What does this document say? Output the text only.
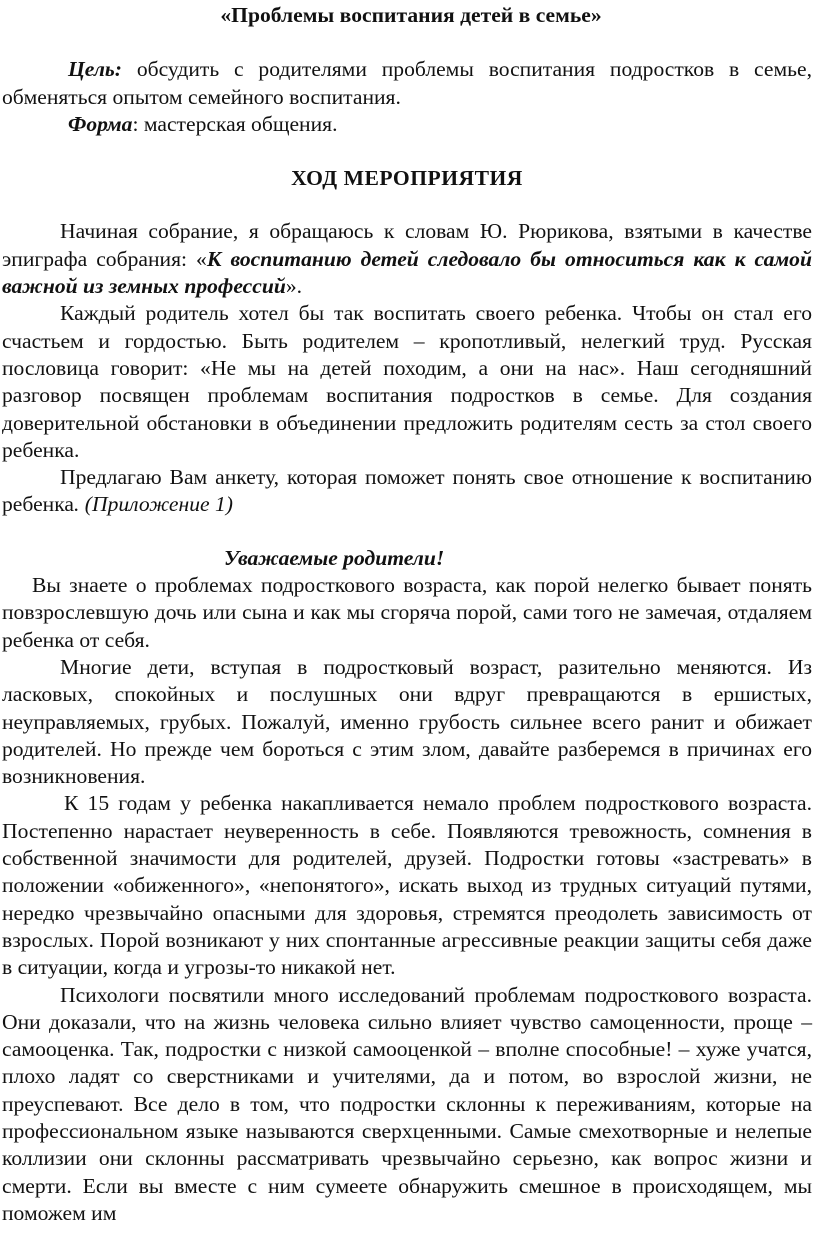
«Проблемы воспитания детей в семье»

Цель: обсудить с родителями проблемы воспитания подростков в семье, обменяться опытом семейного воспитания.

Форма: мастерская общения.

ХОД МЕРОПРИЯТИЯ

Начиная собрание, я обращаюсь к словам Ю. Рюрикова, взятыми в качестве эпиграфа собрания: «К воспитанию детей следовало бы относиться как к самой важной из земных профессий».

Каждый родитель хотел бы так воспитать своего ребенка. Чтобы он стал его счастьем и гордостью. Быть родителем – кропотливый, нелегкий труд. Русская пословица говорит: «Не мы на детей походим, а они на нас». Наш сегодняшний разговор посвящен проблемам воспитания подростков в семье. Для создания доверительной обстановки в объединении предложить родителям сесть за стол своего ребенка.

Предлагаю Вам анкету, которая поможет понять свое отношение к воспитанию ребенка. (Приложение 1)

Уважаемые родители!

Вы знаете о проблемах подросткового возраста, как порой нелегко бывает понять повзрослевшую дочь или сына и как мы сгоряча порой, сами того не замечая, отдаляем ребенка от себя.

Многие дети, вступая в подростковый возраст, разительно меняются. Из ласковых, спокойных и послушных они вдруг превращаются в ершистых, неуправляемых, грубых. Пожалуй, именно грубость сильнее всего ранит и обижает родителей. Но прежде чем бороться с этим злом, давайте разберемся в причинах его возникновения.

К 15 годам у ребенка накапливается немало проблем подросткового возраста. Постепенно нарастает неуверенность в себе. Появляются тревожность, сомнения в собственной значимости для родителей, друзей. Подростки готовы «застревать» в положении «обиженного», «непонятого», искать выход из трудных ситуаций путями, нередко чрезвычайно опасными для здоровья, стремятся преодолеть зависимость от взрослых. Порой возникают у них спонтанные агрессивные реакции защиты себя даже в ситуации, когда и угрозы-то никакой нет.

Психологи посвятили много исследований проблемам подросткового возраста. Они доказали, что на жизнь человека сильно влияет чувство самоценности, проще – самооценка. Так, подростки с низкой самооценкой – вполне способные! – хуже учатся, плохо ладят со сверстниками и учителями, да и потом, во взрослой жизни, не преуспевают. Все дело в том, что подростки склонны к переживаниям, которые на профессиональном языке называются сверхценными. Самые смехотворные и нелепые коллизии они склонны рассматривать чрезвычайно серьезно, как вопрос жизни и смерти. Если вы вместе с ним сумеете обнаружить смешное в происходящем, мы поможем им
